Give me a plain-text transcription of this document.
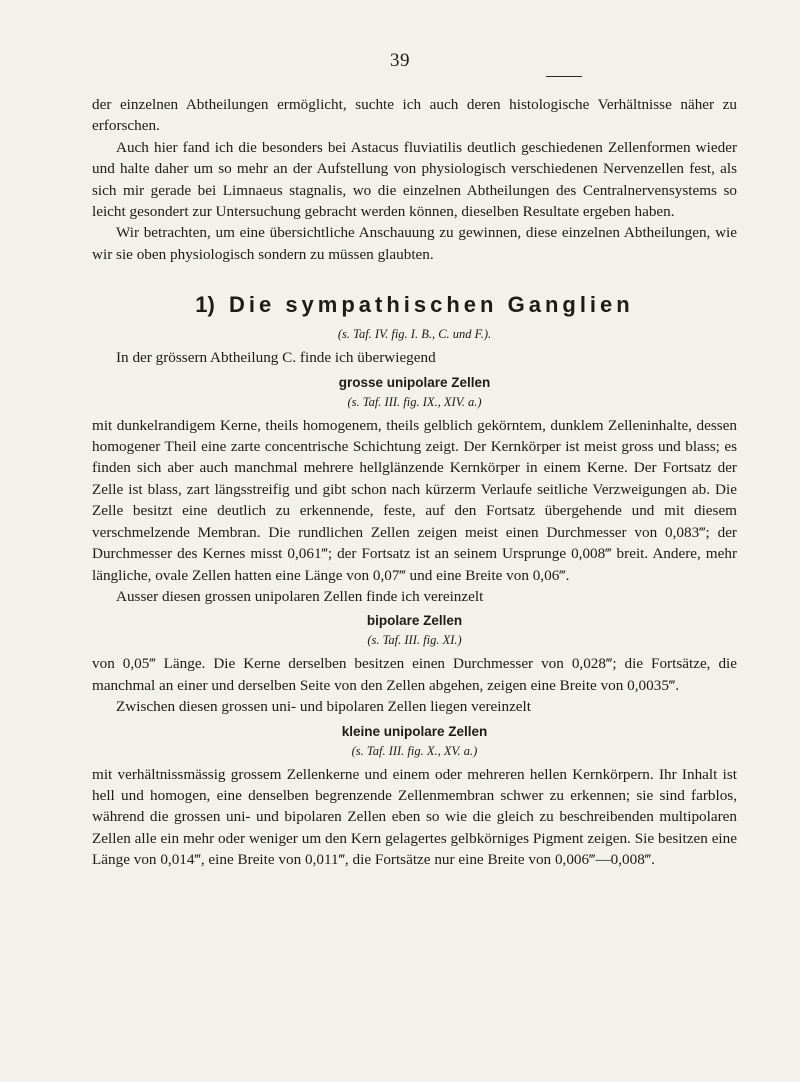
39

der einzelnen Abtheilungen ermöglicht, suchte ich auch deren histologische Verhältnisse näher zu erforschen.

Auch hier fand ich die besonders bei Astacus fluviatilis deutlich geschiedenen Zellenformen wieder und halte daher um so mehr an der Aufstellung von physiologisch verschiedenen Nervenzellen fest, als sich mir gerade bei Limnaeus stagnalis, wo die einzelnen Abtheilungen des Centralnervensystems so leicht gesondert zur Untersuchung gebracht werden können, dieselben Resultate ergeben haben.

Wir betrachten, um eine übersichtliche Anschauung zu gewinnen, diese einzelnen Abtheilungen, wie wir sie oben physiologisch sondern zu müssen glaubten.

1) Die sympathischen Ganglien
(s. Taf. IV. fig. I. B., C. und F.).

In der grössern Abtheilung C. finde ich überwiegend

grosse unipolare Zellen
(s. Taf. III. fig. IX., XIV. a.)

mit dunkelrandigem Kerne, theils homogenem, theils gelblich gekörntem, dunklem Zelleninhalte, dessen homogener Theil eine zarte concentrische Schichtung zeigt. Der Kernkörper ist meist gross und blass; es finden sich aber auch manchmal mehrere hellglänzende Kernkörper in einem Kerne. Der Fortsatz der Zelle ist blass, zart längsstreifig und gibt schon nach kürzerm Verlaufe seitliche Verzweigungen ab. Die Zelle besitzt eine deutlich zu erkennende, feste, auf den Fortsatz übergehende und mit diesem verschmelzende Membran. Die rundlichen Zellen zeigen meist einen Durchmesser von 0,083‴; der Durchmesser des Kernes misst 0,061‴; der Fortsatz ist an seinem Ursprunge 0,008‴ breit. Andere, mehr längliche, ovale Zellen hatten eine Länge von 0,07‴ und eine Breite von 0,06‴.

Ausser diesen grossen unipolaren Zellen finde ich vereinzelt

bipolare Zellen
(s. Taf. III. fig. XI.)

von 0,05‴ Länge. Die Kerne derselben besitzen einen Durchmesser von 0,028‴; die Fortsätze, die manchmal an einer und derselben Seite von den Zellen abgehen, zeigen eine Breite von 0,0035‴.

Zwischen diesen grossen uni- und bipolaren Zellen liegen vereinzelt

kleine unipolare Zellen
(s. Taf. III. fig. X., XV. a.)

mit verhältnissmässig grossem Zellenkerne und einem oder mehreren hellen Kernkörpern. Ihr Inhalt ist hell und homogen, eine denselben begrenzende Zellenmembran schwer zu erkennen; sie sind farblos, während die grossen uni- und bipolaren Zellen eben so wie die gleich zu beschreibenden multipolaren Zellen alle ein mehr oder weniger um den Kern gelagertes gelbkörniges Pigment zeigen. Sie besitzen eine Länge von 0,014‴, eine Breite von 0,011‴, die Fortsätze nur eine Breite von 0,006‴—0,008‴.
